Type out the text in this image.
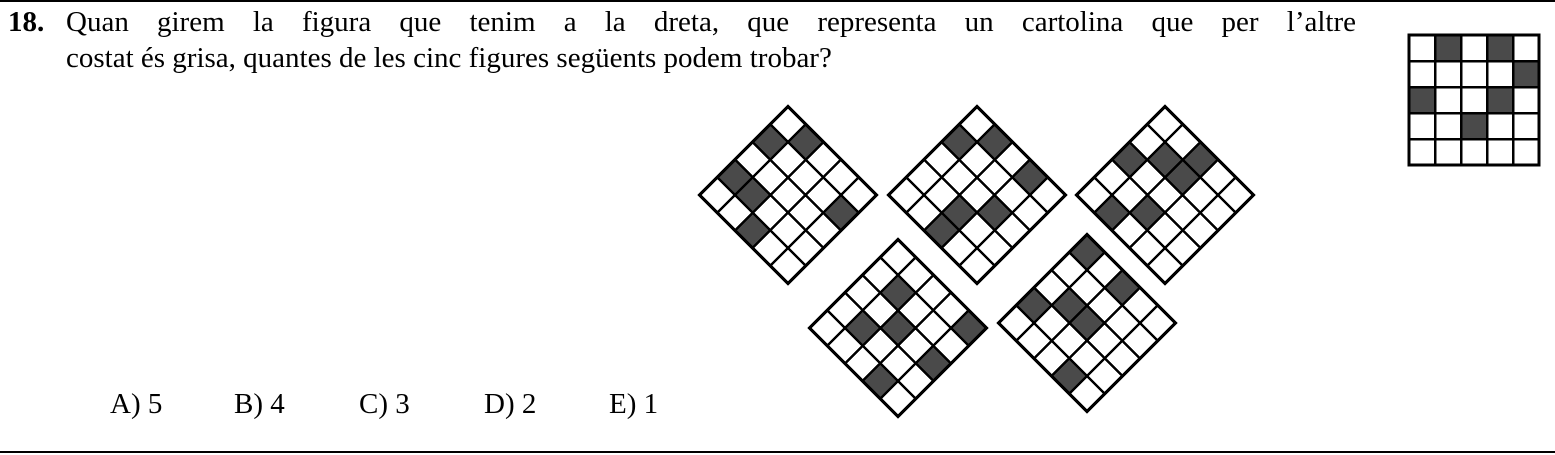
18. Quan girem la figura que tenim a la dreta, que representa un cartolina que per l’altre
costat és grisa, quantes de les cinc figures següents podem trobar?
A) 5 B) 4	C) 3	D) 2	E) 1
